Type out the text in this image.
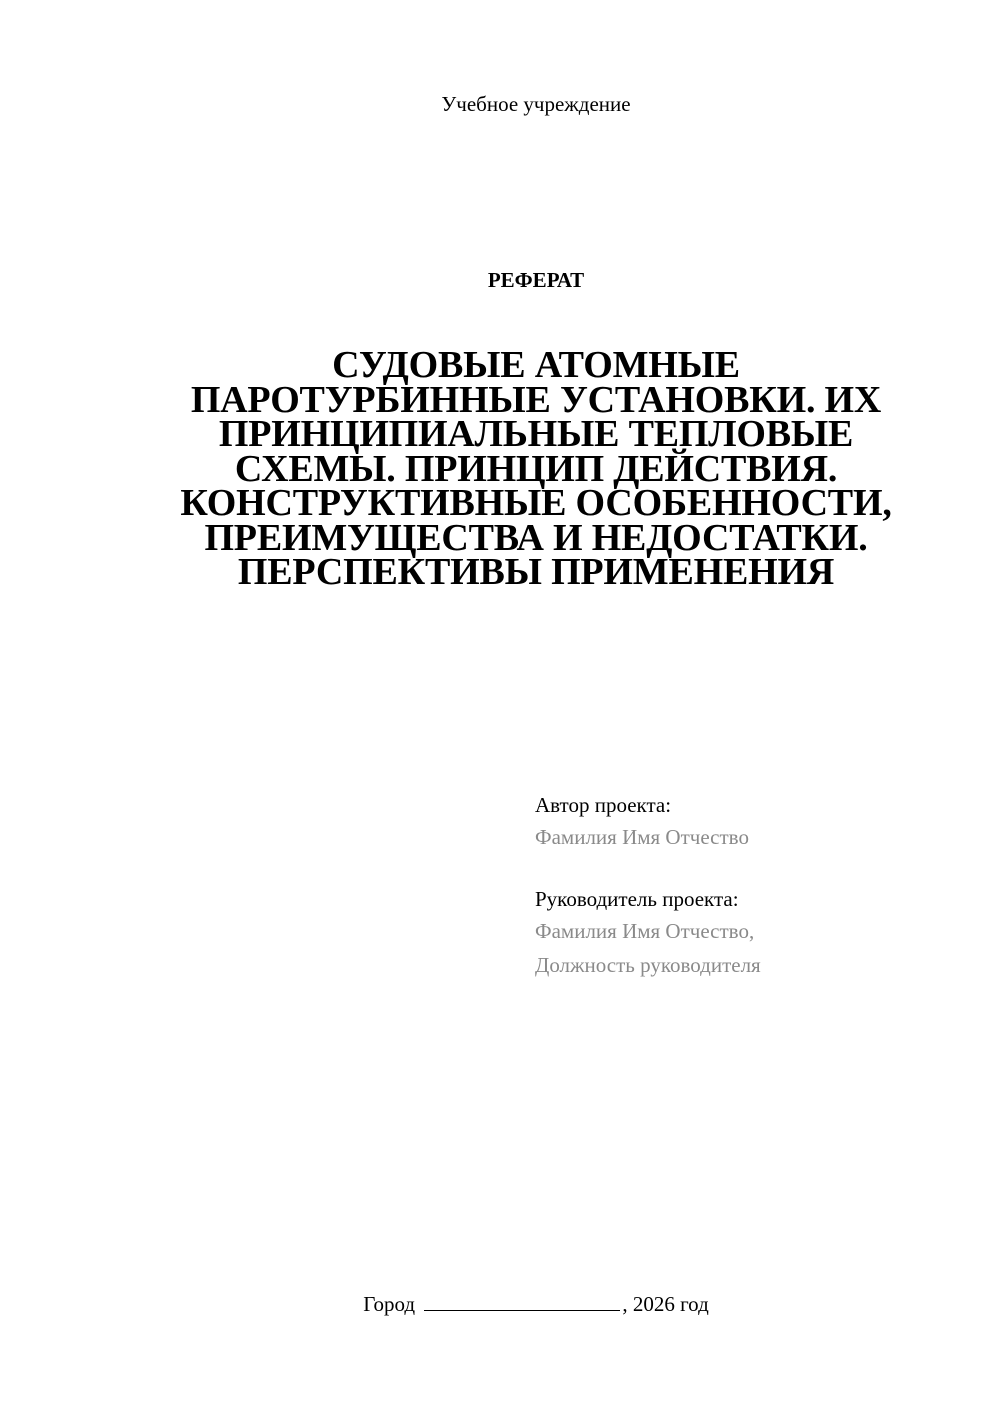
Учебное учреждение
РЕФЕРАТ
СУДОВЫЕ АТОМНЫЕ ПАРОТУРБИННЫЕ УСТАНОВКИ. ИХ ПРИНЦИПИАЛЬНЫЕ ТЕПЛОВЫЕ СХЕМЫ. ПРИНЦИП ДЕЙСТВИЯ. КОНСТРУКТИВНЫЕ ОСОБЕННОСТИ, ПРЕИМУЩЕСТВА И НЕДОСТАТКИ. ПЕРСПЕКТИВЫ ПРИМЕНЕНИЯ
Автор проекта:
Фамилия Имя Отчество
Руководитель проекта:
Фамилия Имя Отчество,
Должность руководителя
Город	, 2026 год
